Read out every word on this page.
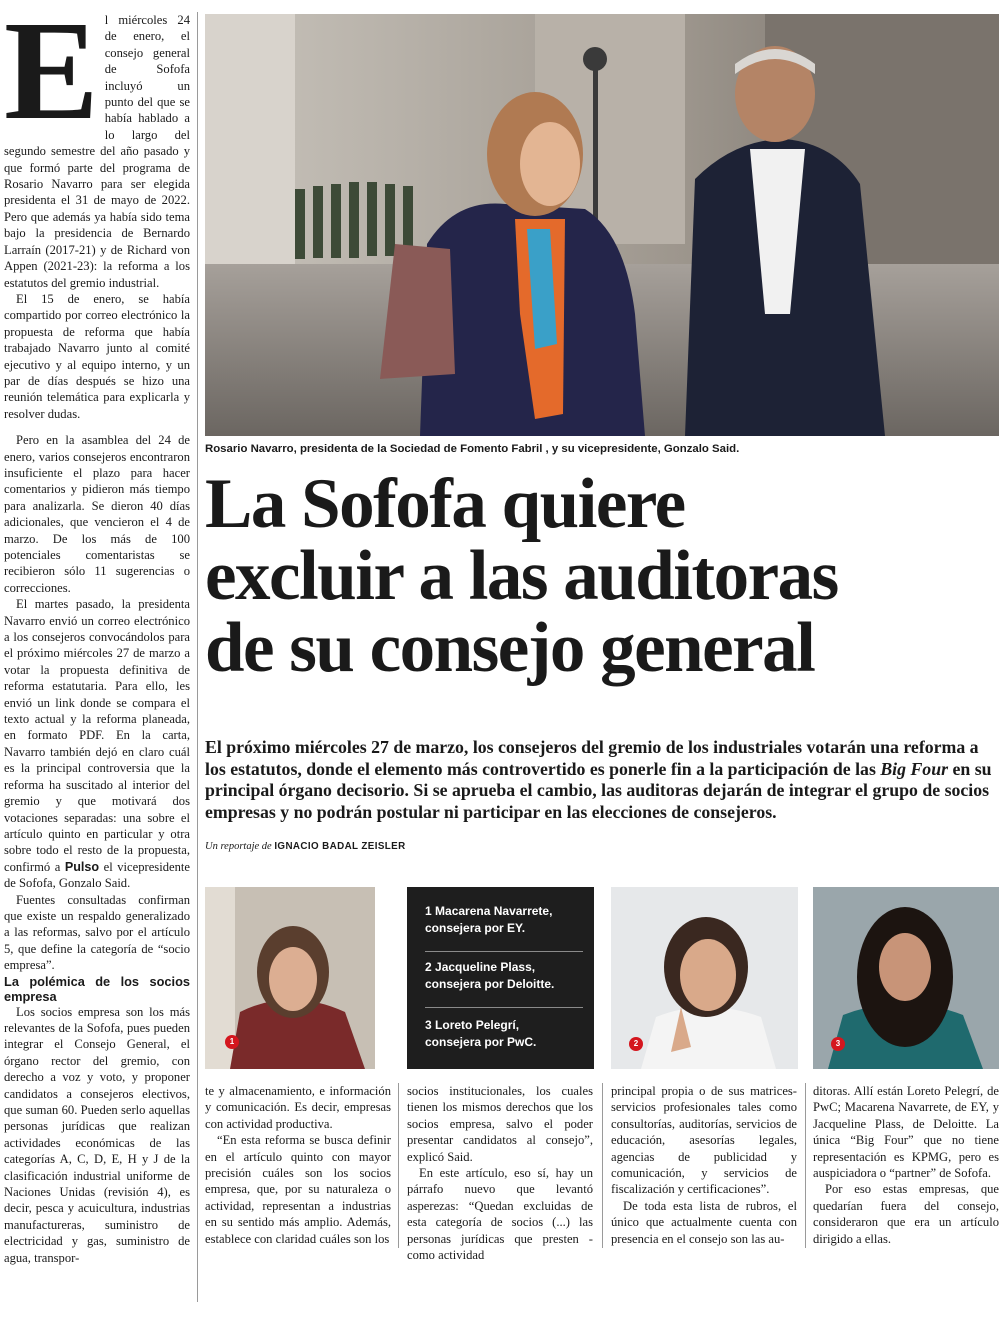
E l miércoles 24 de enero, el consejo general de Sofofa incluyó un punto del que se había hablado a lo largo del segundo semestre del año pasado y que formó parte del programa de Rosario Navarro para ser elegida presidenta el 31 de mayo de 2022. Pero que además ya había sido tema bajo la presidencia de Bernardo Larraín (2017-21) y de Richard von Appen (2021-23): la reforma a los estatutos del gremio industrial.

El 15 de enero, se había compartido por correo electrónico la propuesta de reforma que había trabajado Navarro junto al comité ejecutivo y al equipo interno, y un par de días después se hizo una reunión telemática para explicarla y resolver dudas.

Pero en la asamblea del 24 de enero, varios consejeros encontraron insuficiente el plazo para hacer comentarios y pidieron más tiempo para analizarla. Se dieron 40 días adicionales, que vencieron el 4 de marzo. De los más de 100 potenciales comentaristas se recibieron sólo 11 sugerencias o correcciones.

El martes pasado, la presidenta Navarro envió un correo electrónico a los consejeros convocándolos para el próximo miércoles 27 de marzo a votar la propuesta definitiva de reforma estatutaria. Para ello, les envió un link donde se compara el texto actual y la reforma planeada, en formato PDF. En la carta, Navarro también dejó en claro cuál es la principal controversia que la reforma ha suscitado al interior del gremio y que motivará dos votaciones separadas: una sobre el artículo quinto en particular y otra sobre todo el resto de la propuesta, confirmó a Pulso el vicepresidente de Sofofa, Gonzalo Said.

Fuentes consultadas confirman que existe un respaldo generalizado a las reformas, salvo por el artículo 5, que define la categoría de “socio empresa”.

La polémica de los socios empresa

Los socios empresa son los más relevantes de la Sofofa, pues pueden integrar el Consejo General, el órgano rector del gremio, con derecho a voz y voto, y proponer candidatos a consejeros electivos, que suman 60. Pueden serlo aquellas personas jurídicas que realizan actividades económicas de las categorías A, C, D, E, H y J de la clasificación industrial uniforme de Naciones Unidas (revisión 4), es decir, pesca y acuicultura, industrias manufactureras, suministro de electricidad y gas, suministro de agua, transpor-

Rosario Navarro, presidenta de la Sociedad de Fomento Fabril , y su vicepresidente, Gonzalo Said.
La Sofofa quiere
excluir a las auditoras
de su consejo general
El próximo miércoles 27 de marzo, los consejeros del gremio de los industriales votarán una reforma a los estatutos, donde el elemento más controvertido es ponerle fin a la participación de las Big Four en su principal órgano decisorio. Si se aprueba el cambio, las auditoras dejarán de integrar el grupo de socios empresas y no podrán postular ni participar en las elecciones de consejeros.
Un reportaje de IGNACIO BADAL ZEISLER
1
1 Macarena Navarrete, consejera por EY.
2 Jacqueline Plass, consejera por Deloitte.
3 Loreto Pelegrí, consejera por PwC.	2	3

te y almacenamiento, e información y comunicación. Es decir, empresas con actividad productiva.

“En esta reforma se busca definir en el artículo quinto con mayor precisión cuáles son los socios empresa, que, por su naturaleza o actividad, representan a industrias en su sentido más amplio. Además, establece con claridad cuáles son los

socios institucionales, los cuales tienen los mismos derechos que los socios empresa, salvo el poder presentar candidatos al consejo”, explicó Said.

En este artículo, eso sí, hay un párrafo nuevo que levantó asperezas: “Quedan excluidas de esta categoría de socios (...) las personas jurídicas que presten -como actividad

principal propia o de sus matrices- servicios profesionales tales como consultorías, auditorías, servicios de educación, asesorías legales, agencias de publicidad y comunicación, y servicios de fiscalización y certificaciones”.

De toda esta lista de rubros, el único que actualmente cuenta con presencia en el consejo son las au-

ditoras. Allí están Loreto Pelegrí, de PwC; Macarena Navarrete, de EY, y Jacqueline Plass, de Deloitte. La única “Big Four” que no tiene representación es KPMG, pero es auspiciadora o “partner” de Sofofa.

Por eso estas empresas, que quedarían fuera del consejo, consideraron que era un artículo dirigido a ellas.
